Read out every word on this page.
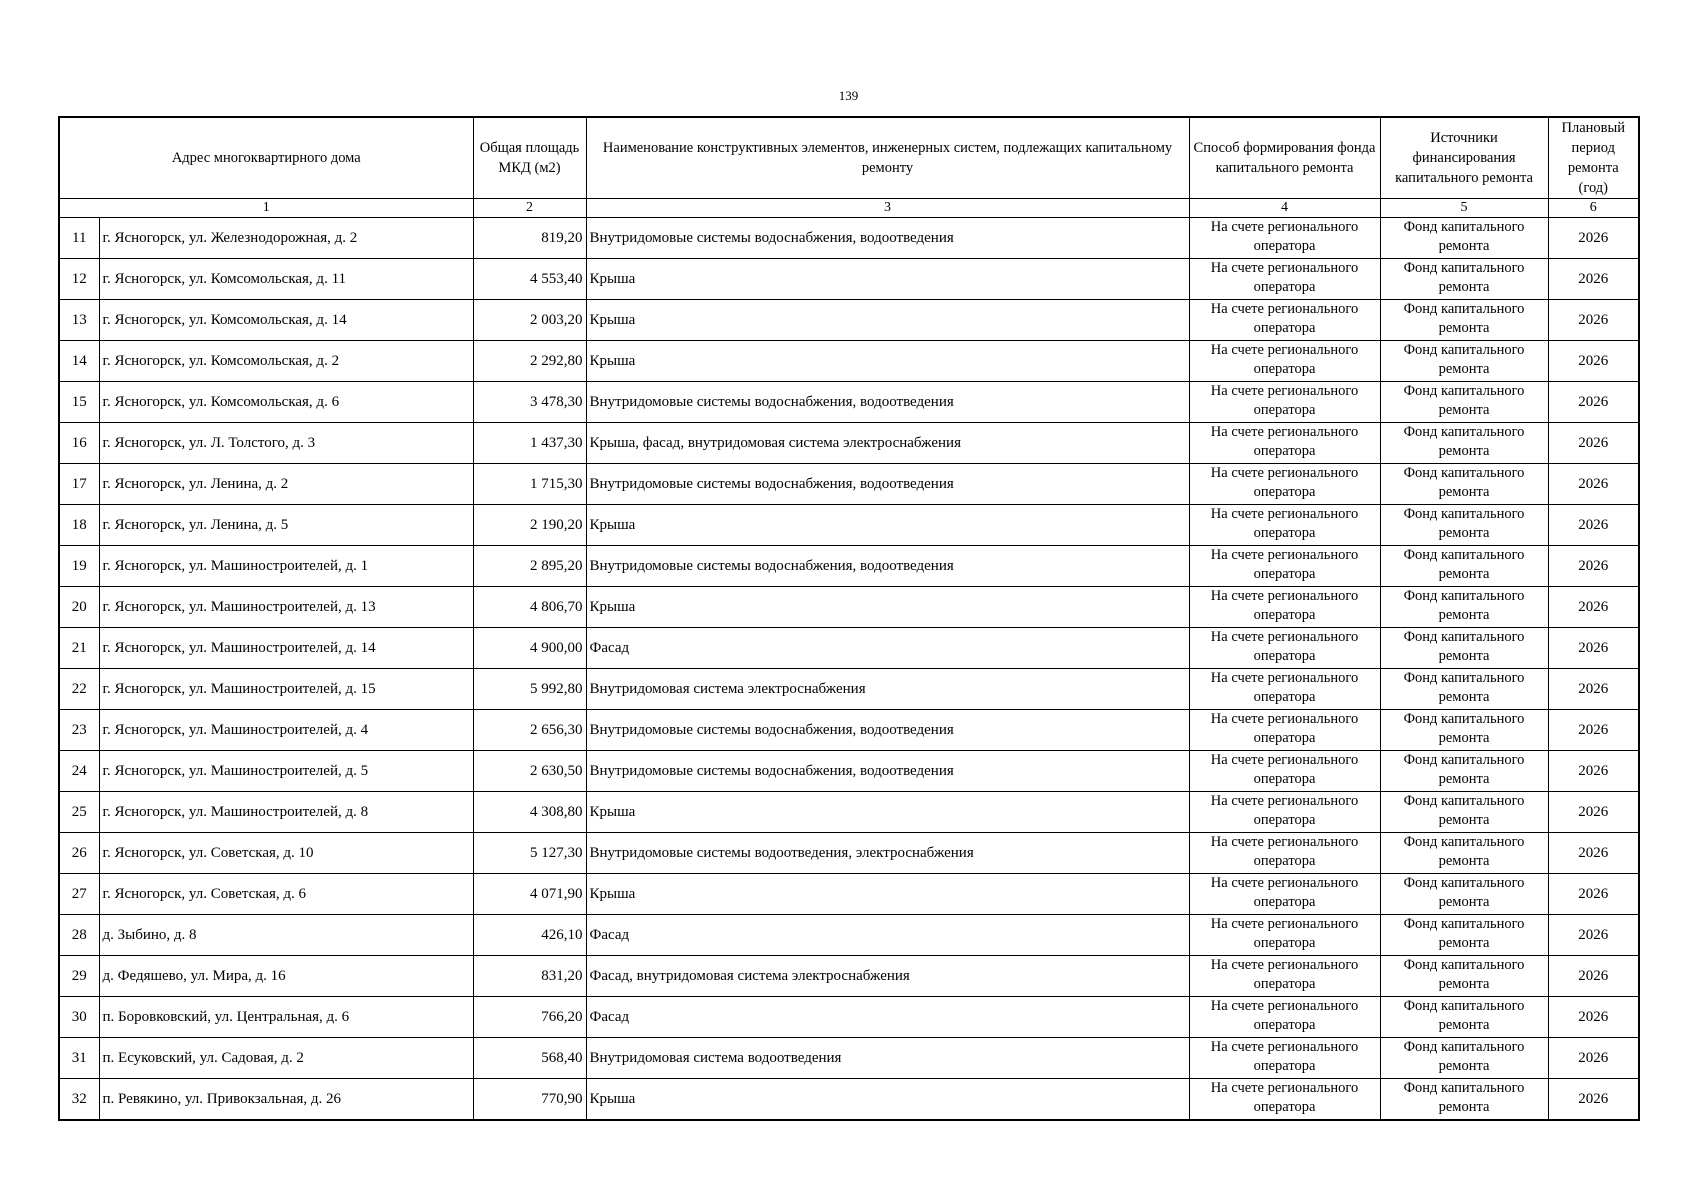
139
Адрес многоквартирного дома		Общая площадь МКД (м2)	Наименование конструктивных элементов, инженерных систем, подлежащих капитальному ремонту	Способ формирования фонда капитального ремонта	Источники финансирования капитального ремонта	Плановый период ремонта (год)
1		2	3	4	5	6
11	г. Ясногорск, ул. Железнодорожная, д. 2	819,20	Внутридомовые системы водоснабжения, водоотведения	На счете регионального оператора	Фонд капитального ремонта	2026
12	г. Ясногорск, ул. Комсомольская, д. 11	4 553,40	Крыша	На счете регионального оператора	Фонд капитального ремонта	2026
13	г. Ясногорск, ул. Комсомольская, д. 14	2 003,20	Крыша	На счете регионального оператора	Фонд капитального ремонта	2026
14	г. Ясногорск, ул. Комсомольская, д. 2	2 292,80	Крыша	На счете регионального оператора	Фонд капитального ремонта	2026
15	г. Ясногорск, ул. Комсомольская, д. 6	3 478,30	Внутридомовые системы водоснабжения, водоотведения	На счете регионального оператора	Фонд капитального ремонта	2026
16	г. Ясногорск, ул. Л. Толстого, д. 3	1 437,30	Крыша, фасад, внутридомовая система электроснабжения	На счете регионального оператора	Фонд капитального ремонта	2026
17	г. Ясногорск, ул. Ленина, д. 2	1 715,30	Внутридомовые системы водоснабжения, водоотведения	На счете регионального оператора	Фонд капитального ремонта	2026
18	г. Ясногорск, ул. Ленина, д. 5	2 190,20	Крыша	На счете регионального оператора	Фонд капитального ремонта	2026
19	г. Ясногорск, ул. Машиностроителей, д. 1	2 895,20	Внутридомовые системы водоснабжения, водоотведения	На счете регионального оператора	Фонд капитального ремонта	2026
20	г. Ясногорск, ул. Машиностроителей, д. 13	4 806,70	Крыша	На счете регионального оператора	Фонд капитального ремонта	2026
21	г. Ясногорск, ул. Машиностроителей, д. 14	4 900,00	Фасад	На счете регионального оператора	Фонд капитального ремонта	2026
22	г. Ясногорск, ул. Машиностроителей, д. 15	5 992,80	Внутридомовая система электроснабжения	На счете регионального оператора	Фонд капитального ремонта	2026
23	г. Ясногорск, ул. Машиностроителей, д. 4	2 656,30	Внутридомовые системы водоснабжения, водоотведения	На счете регионального оператора	Фонд капитального ремонта	2026
24	г. Ясногорск, ул. Машиностроителей, д. 5	2 630,50	Внутридомовые системы водоснабжения, водоотведения	На счете регионального оператора	Фонд капитального ремонта	2026
25	г. Ясногорск, ул. Машиностроителей, д. 8	4 308,80	Крыша	На счете регионального оператора	Фонд капитального ремонта	2026
26	г. Ясногорск, ул. Советская, д. 10	5 127,30	Внутридомовые системы водоотведения, электроснабжения	На счете регионального оператора	Фонд капитального ремонта	2026
27	г. Ясногорск, ул. Советская, д. 6	4 071,90	Крыша	На счете регионального оператора	Фонд капитального ремонта	2026
28	д. Зыбино, д. 8	426,10	Фасад	На счете регионального оператора	Фонд капитального ремонта	2026
29	д. Федяшево, ул. Мира, д. 16	831,20	Фасад, внутридомовая система электроснабжения	На счете регионального оператора	Фонд капитального ремонта	2026
30	п. Боровковский, ул. Центральная, д. 6	766,20	Фасад	На счете регионального оператора	Фонд капитального ремонта	2026
31	п. Есуковский, ул. Садовая, д. 2	568,40	Внутридомовая система водоотведения	На счете регионального оператора	Фонд капитального ремонта	2026
32	п. Ревякино, ул. Привокзальная, д. 26	770,90	Крыша	На счете регионального оператора	Фонд капитального ремонта	2026
